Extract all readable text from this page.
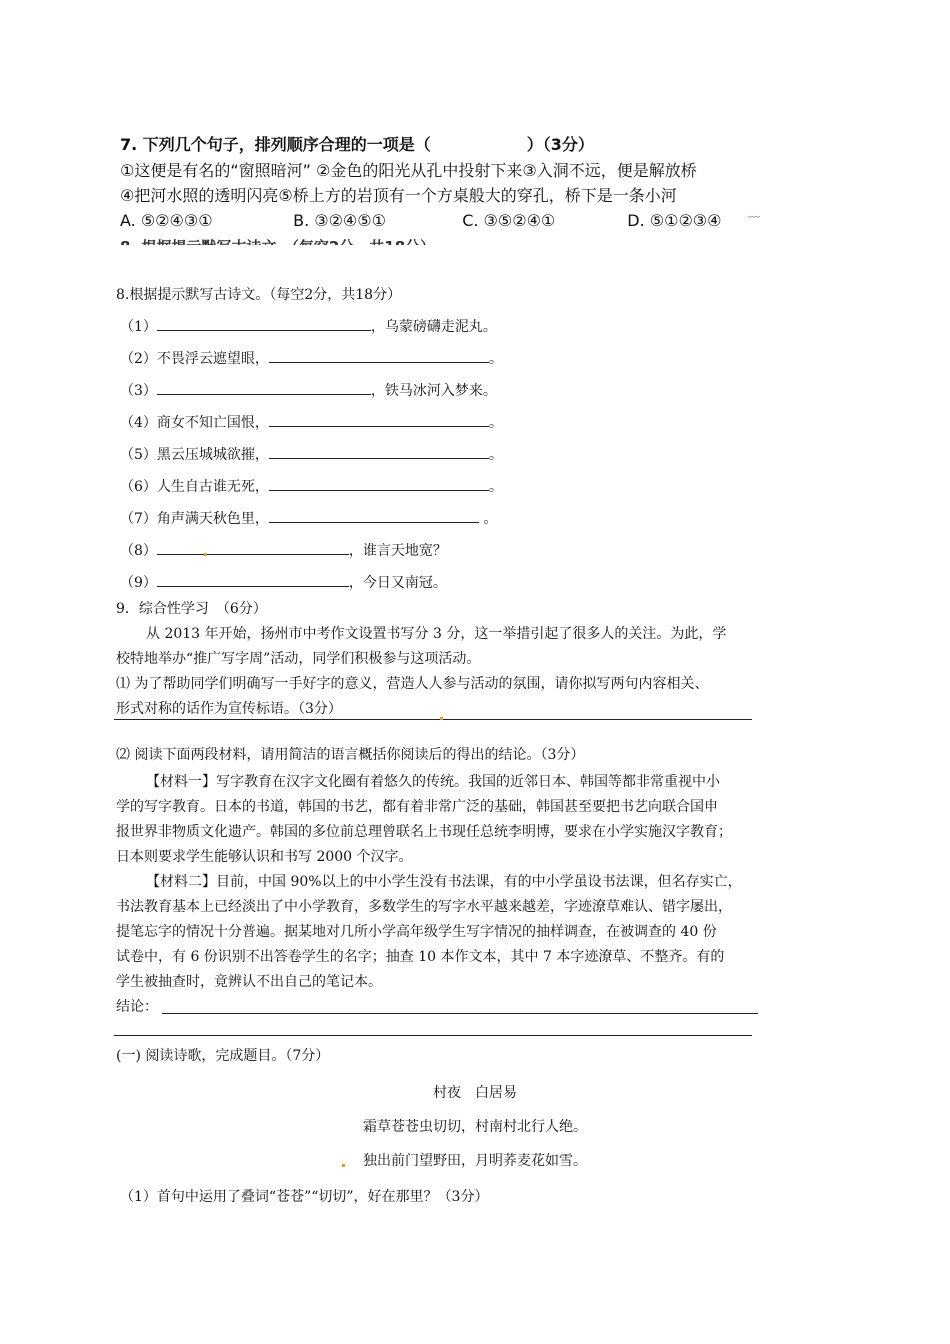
7. 下列几个句子，排列顺序合理的一项是（　　　　　　）（3分）
①这便是有名的“窗照暗河” ②金色的阳光从孔中投射下来③入洞不远，便是解放桥
④把河水照的透明闪亮⑤桥上方的岩顶有一个方桌般大的穿孔，桥下是一条小河
A. ⑤②④③①	B. ③②④⑤①	C. ③⑤②④①	D. ⑤①②③④	﹏
8.根据提示默写古诗文。（每空2分，共18分）
（1）	，乌蒙磅礴走泥丸。
（2）不畏浮云遮望眼，	。
（3）	，铁马冰河入梦来。
（4）商女不知亡国恨，	。
（5）黑云压城城欲摧，	。
（6）人生自古谁无死，	。
（7）角声满天秋色里，	。
（8）	，谁言天地宽？
（9）	，今日又南冠。
9．综合性学习　（6分）
从 2013 年开始，扬州市中考作文设置书写分 3 分，这一举措引起了很多人的关注。为此，学
校特地举办“推广写字周”活动，同学们积极参与这项活动。
⑴ 为了帮助同学们明确写一手好字的意义，营造人人参与活动的氛围，请你拟写两句内容相关、
形式对称的话作为宣传标语。（3分）
⑵ 阅读下面两段材料，请用简洁的语言概括你阅读后的得出的结论。（3分）
【材料一】写字教育在汉字文化圈有着悠久的传统。我国的近邻日本、韩国等都非常重视中小
学的写字教育。日本的书道，韩国的书艺，都有着非常广泛的基础，韩国甚至要把书艺向联合国申
报世界非物质文化遗产。韩国的多位前总理曾联名上书现任总统李明博，要求在小学实施汉字教育；
日本则要求学生能够认识和书写 2000 个汉字。
【材料二】目前，中国 90%以上的中小学生没有书法课，有的中小学虽设书法课，但名存实亡，
书法教育基本上已经淡出了中小学教育，多数学生的写字水平越来越差，字迹潦草难认、错字屡出，
提笔忘字的情况十分普遍。据某地对几所小学高年级学生写字情况的抽样调查，在被调查的 40 份
试卷中，有 6 份识别不出答卷学生的名字；抽查 10 本作文本，其中 7 本字迹潦草、不整齐。有的
学生被抽查时，竟辨认不出自己的笔记本。
结论：
(一) 阅读诗歌，完成题目。（7分）
村夜　白居易
霜草苍苍虫切切，村南村北行人绝。
独出前门望野田，月明荞麦花如雪。
（1）首句中运用了叠词“苍苍”“切切”，好在那里？（3分）
